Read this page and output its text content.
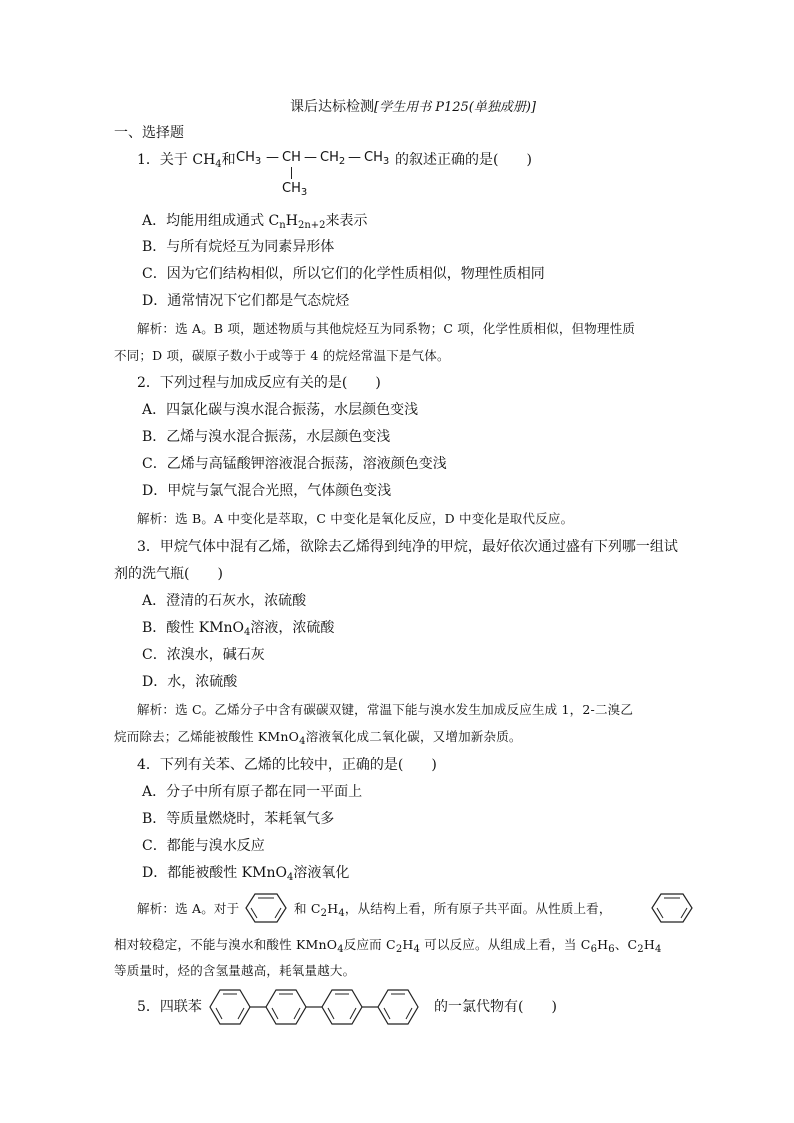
课后达标检测[学生用书 P125(单独成册)]
一、选择题
1．关于 $CH_4$和 $CH_3$ — CH — $CH_2$ — $CH_3$
$CH_3$
的叙述正确的是(　　)
A．均能用组成通式 $C_nH_{2n+2}$来表示
B．与所有烷烃互为同素异形体
C．因为它们结构相似，所以它们的化学性质相似，物理性质相同
D．通常情况下它们都是气态烷烃
解析：选 A。B 项，题述物质与其他烷烃互为同系物；C 项，化学性质相似，但物理性质
不同；D 项，碳原子数小于或等于 4 的烷烃常温下是气体。
2．下列过程与加成反应有关的是(　　)
A．四氯化碳与溴水混合振荡，水层颜色变浅
B．乙烯与溴水混合振荡，水层颜色变浅
C．乙烯与高锰酸钾溶液混合振荡，溶液颜色变浅
D．甲烷与氯气混合光照，气体颜色变浅
解析：选 B。A 中变化是萃取，C 中变化是氧化反应，D 中变化是取代反应。
3．甲烷气体中混有乙烯，欲除去乙烯得到纯净的甲烷，最好依次通过盛有下列哪一组试
剂的洗气瓶(　　)
A．澄清的石灰水，浓硫酸
B．酸性 KMnO$_4$溶液，浓硫酸
C．浓溴水，碱石灰
D．水，浓硫酸
解析：选 C。乙烯分子中含有碳碳双键，常温下能与溴水发生加成反应生成 1，2-二溴乙
烷而除去；乙烯能被酸性 KMnO$_4$溶液氧化成二氧化碳，又增加新杂质。
4．下列有关苯、乙烯的比较中，正确的是(　　)
A．分子中所有原子都在同一平面上
B．等质量燃烧时，苯耗氧气多
C．都能与溴水反应
D．都能被酸性 KMnO$_4$溶液氧化
解析：选 A。对于	和 $C_2H_4$，从结构上看，所有原子共平面。从性质上看，
相对较稳定，不能与溴水和酸性 KMnO$_4$反应而 $C_2H_4$ 可以反应。从组成上看，当 $C_6H_6$、$C_2H_4$
等质量时，烃的含氢量越高，耗氧量越大。
5．四联苯	的一氯代物有(　　)
